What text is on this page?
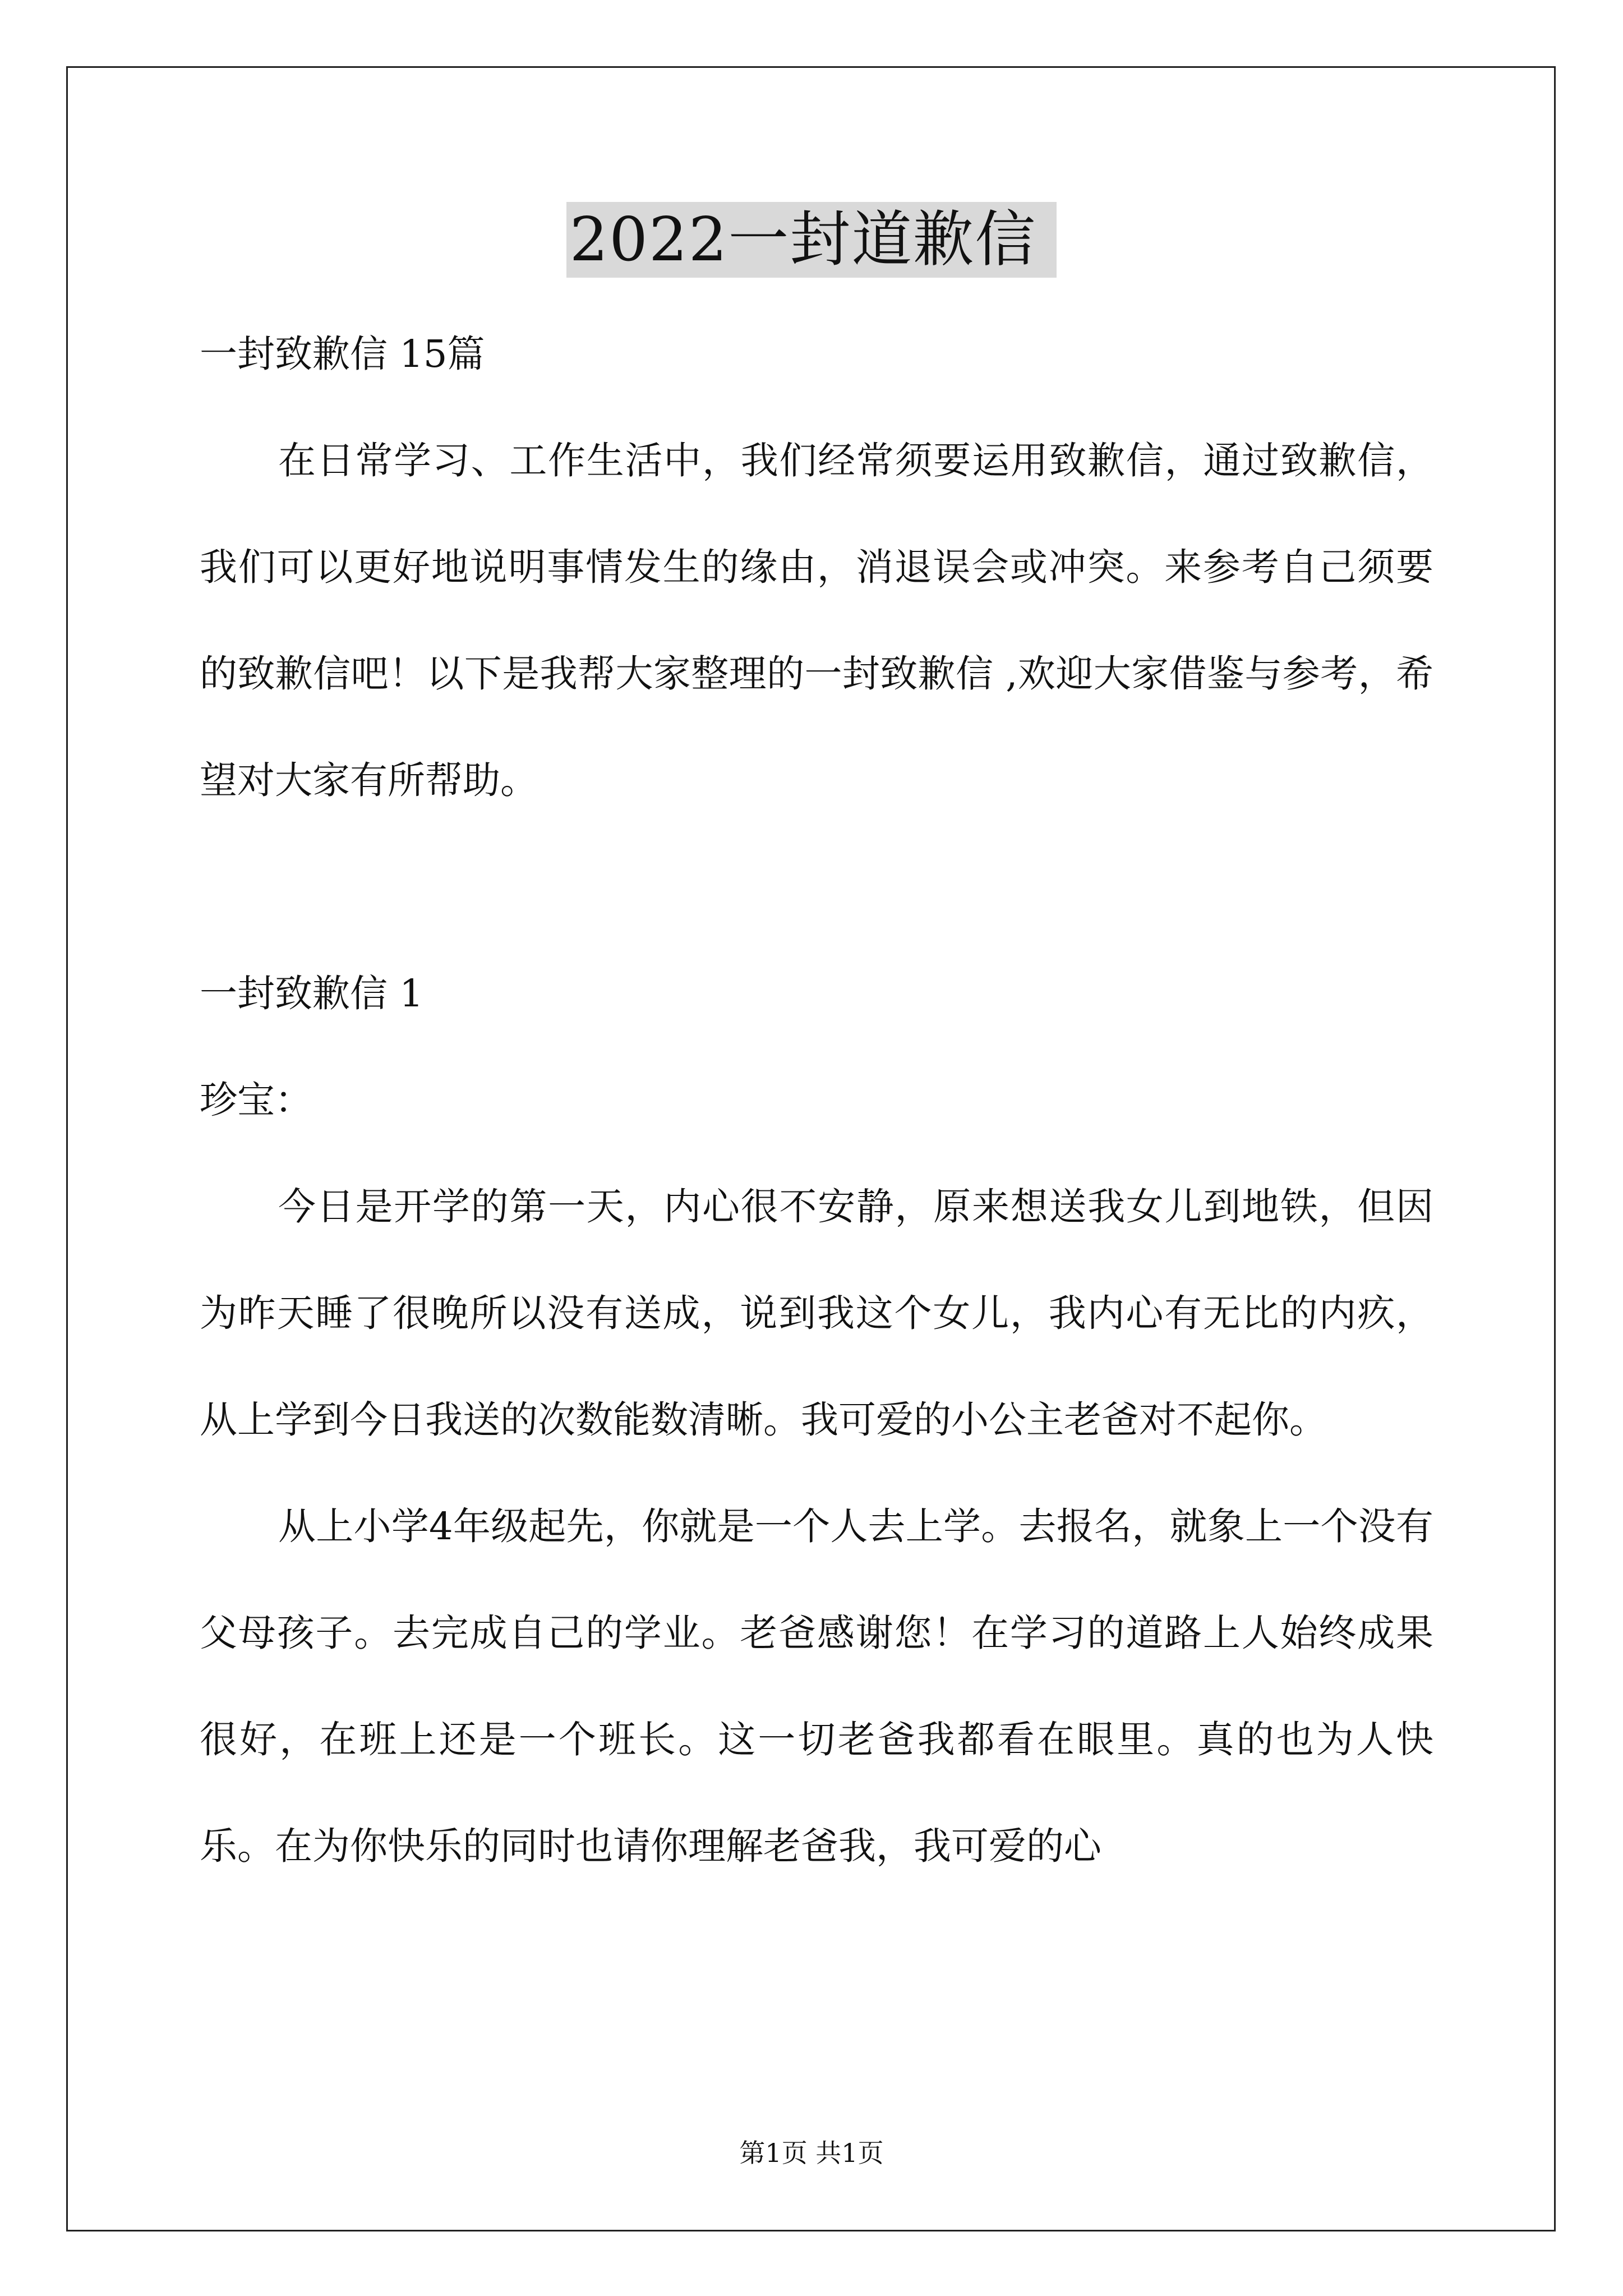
2022一封道歉信

一封致歉信 15篇

在日常学习、工作生活中，我们经常须要运用致歉信，通过致歉信，我们可以更好地说明事情发生的缘由，消退误会或冲突。来参考自己须要的致歉信吧！以下是我帮大家整理的一封致歉信 ,欢迎大家借鉴与参考，希望对大家有所帮助。

一封致歉信 1

珍宝：

今日是开学的第一天，内心很不安静，原来想送我女儿到地铁，但因为昨天睡了很晚所以没有送成，说到我这个女儿，我内心有无比的内疚，从上学到今日我送的次数能数清晰。我可爱的小公主老爸对不起你。

从上小学4年级起先，你就是一个人去上学。去报名，就象上一个没有父母孩子。去完成自己的学业。老爸感谢您！在学习的道路上人始终成果很好，在班上还是一个班长。这一切老爸我都看在眼里。真的也为人快乐。在为你快乐的同时也请你理解老爸我，我可爱的心

第1页 共1页
